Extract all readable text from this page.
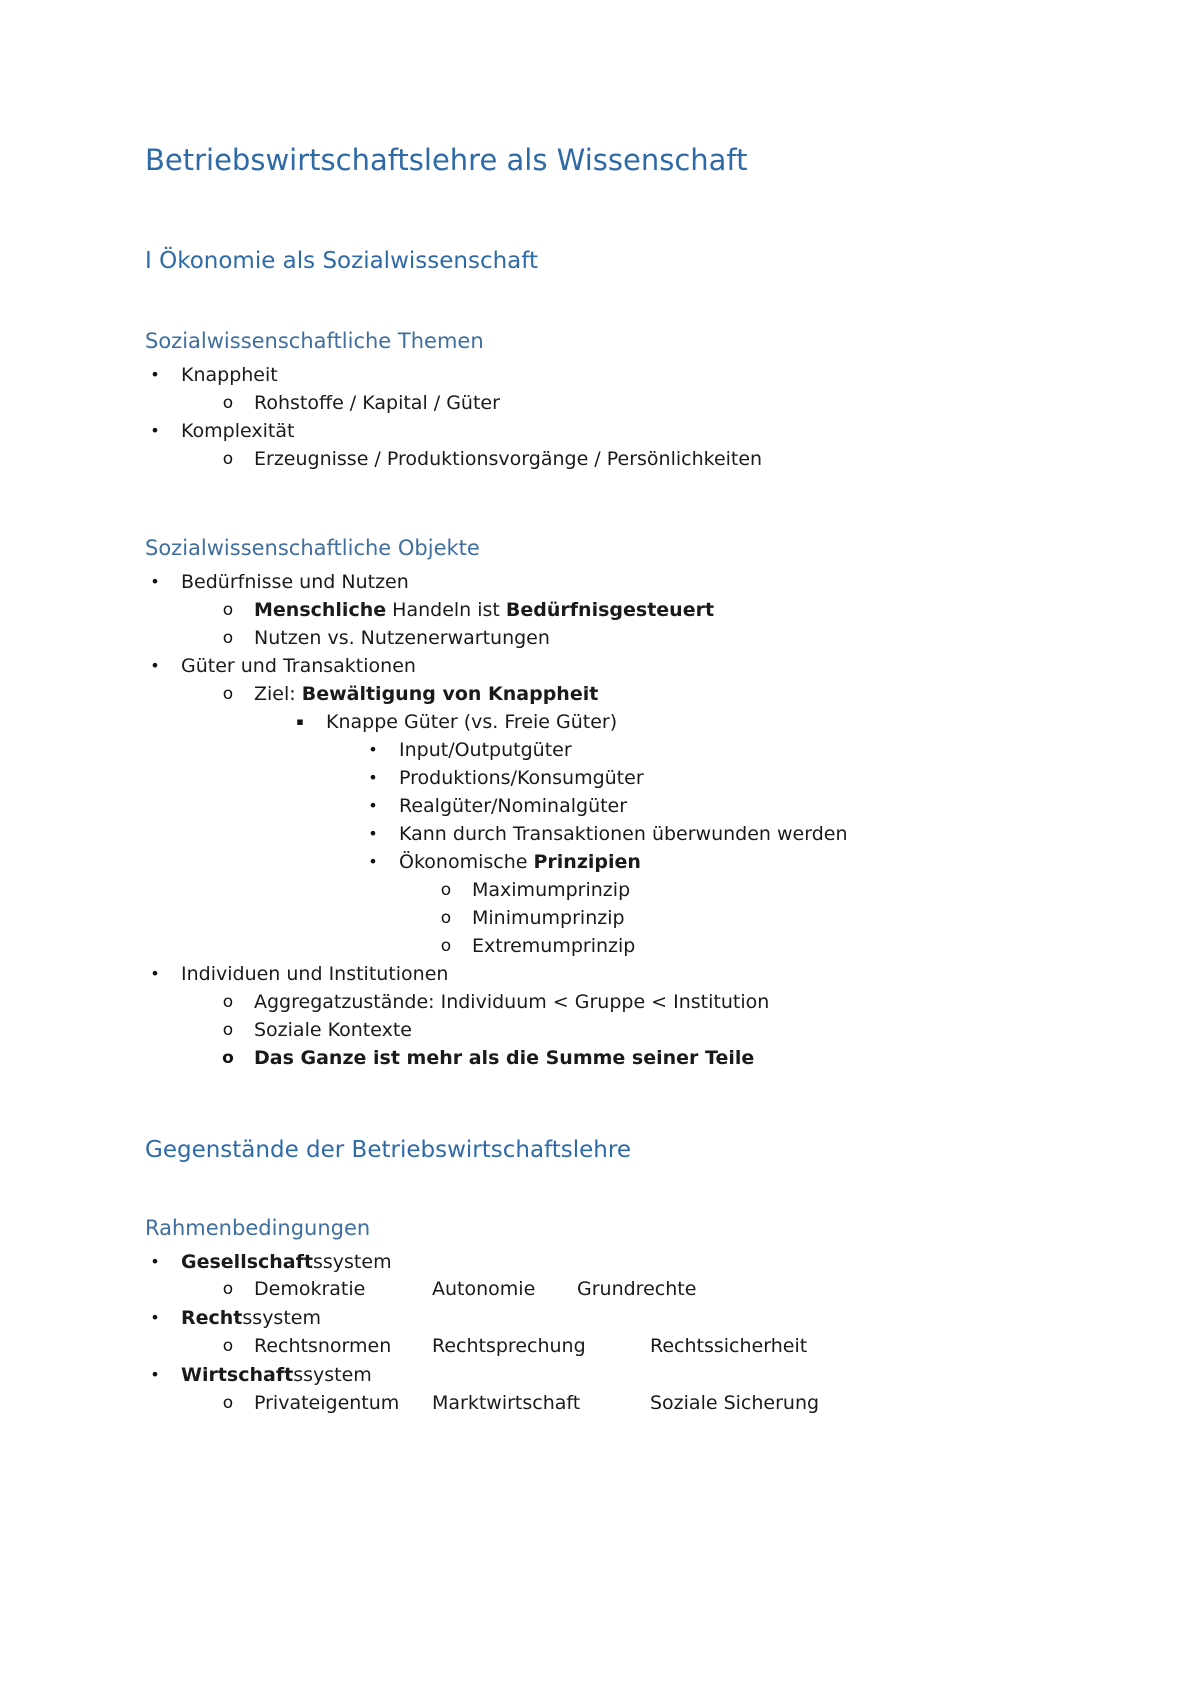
Betriebswirtschaftslehre als Wissenschaft
I Ökonomie als Sozialwissenschaft
Sozialwissenschaftliche Themen
• Knappheit
o Rohstoffe / Kapital / Güter
• Komplexität
o Erzeugnisse / Produktionsvorgänge / Persönlichkeiten
Sozialwissenschaftliche Objekte
• Bedürfnisse und Nutzen
o Menschliche Handeln ist Bedürfnisgesteuert
o Nutzen vs. Nutzenerwartungen
• Güter und Transaktionen
o Ziel: Bewältigung von Knappheit
▪	Knappe Güter (vs. Freie Güter)
• Input/Outputgüter
• Produktions/Konsumgüter
• Realgüter/Nominalgüter
• Kann durch Transaktionen überwunden werden
• Ökonomische Prinzipien
o Maximumprinzip
o Minimumprinzip
o Extremumprinzip
• Individuen und Institutionen
o Aggregatzustände: Individuum < Gruppe < Institution
o Soziale Kontexte
o Das Ganze ist mehr als die Summe seiner Teile
Gegenstände der Betriebswirtschaftslehre
Rahmenbedingungen
• Gesellschaftssystem
o Demokratie	Autonomie Grundrechte
• Rechtssystem
o Rechtsnormen Rechtsprechung	Rechtssicherheit
• Wirtschaftssystem
o Privateigentum Marktwirtschaft	Soziale Sicherung
